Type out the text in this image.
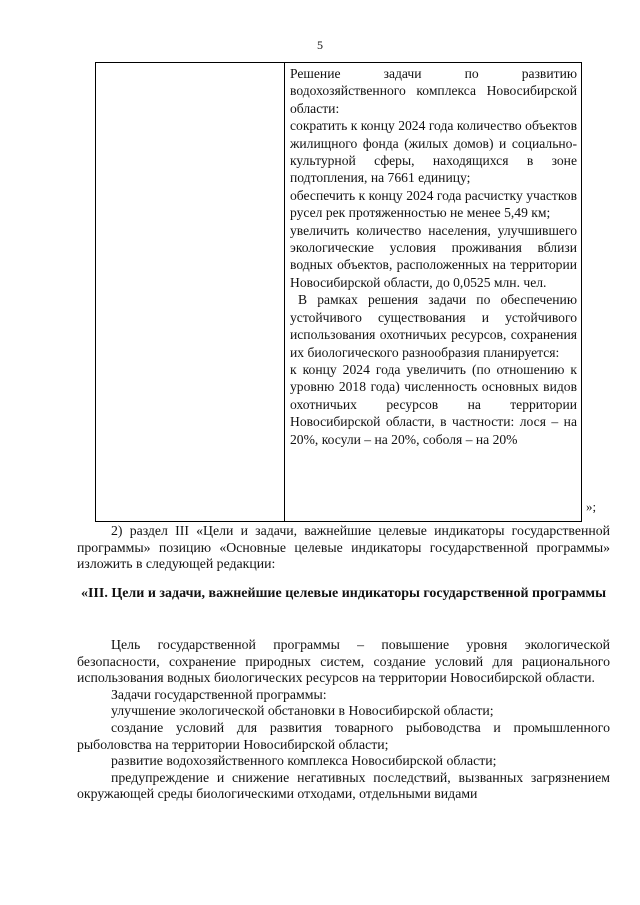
5

Решение задачи по развитию водохозяйственного комплекса Новосибирской области:

сократить к концу 2024 года количество объектов жилищного фонда (жилых домов) и социально-культурной сферы, находящихся в зоне подтопления, на 7661 единицу;

обеспечить к концу 2024 года расчистку участков русел рек протяженностью не менее 5,49 км;

увеличить количество населения, улучшившего экологические условия проживания вблизи водных объектов, расположенных на территории Новосибирской области, до 0,0525 млн. чел.

В рамках решения задачи по обеспечению устойчивого существования и устойчивого использования охотничьих ресурсов, сохранения их биологического разнообразия планируется:

к концу 2024 года увеличить (по отношению к уровню 2018 года) численность основных видов охотничьих ресурсов на территории Новосибирской области, в частности: лося – на 20%, косули – на 20%, соболя – на 20%

»;

2) раздел III «Цели и задачи, важнейшие целевые индикаторы государственной программы» позицию «Основные целевые индикаторы государственной программы» изложить в следующей редакции:

«III. Цели и задачи, важнейшие целевые индикаторы государственной программы

Цель государственной программы – повышение уровня экологической безопасности, сохранение природных систем, создание условий для рационального использования водных биологических ресурсов на территории Новосибирской области.

Задачи государственной программы:

улучшение экологической обстановки в Новосибирской области;

создание условий для развития товарного рыбоводства и промышленного рыболовства на территории Новосибирской области;

развитие водохозяйственного комплекса Новосибирской области;

предупреждение и снижение негативных последствий, вызванных загрязнением окружающей среды биологическими отходами, отдельными видами
